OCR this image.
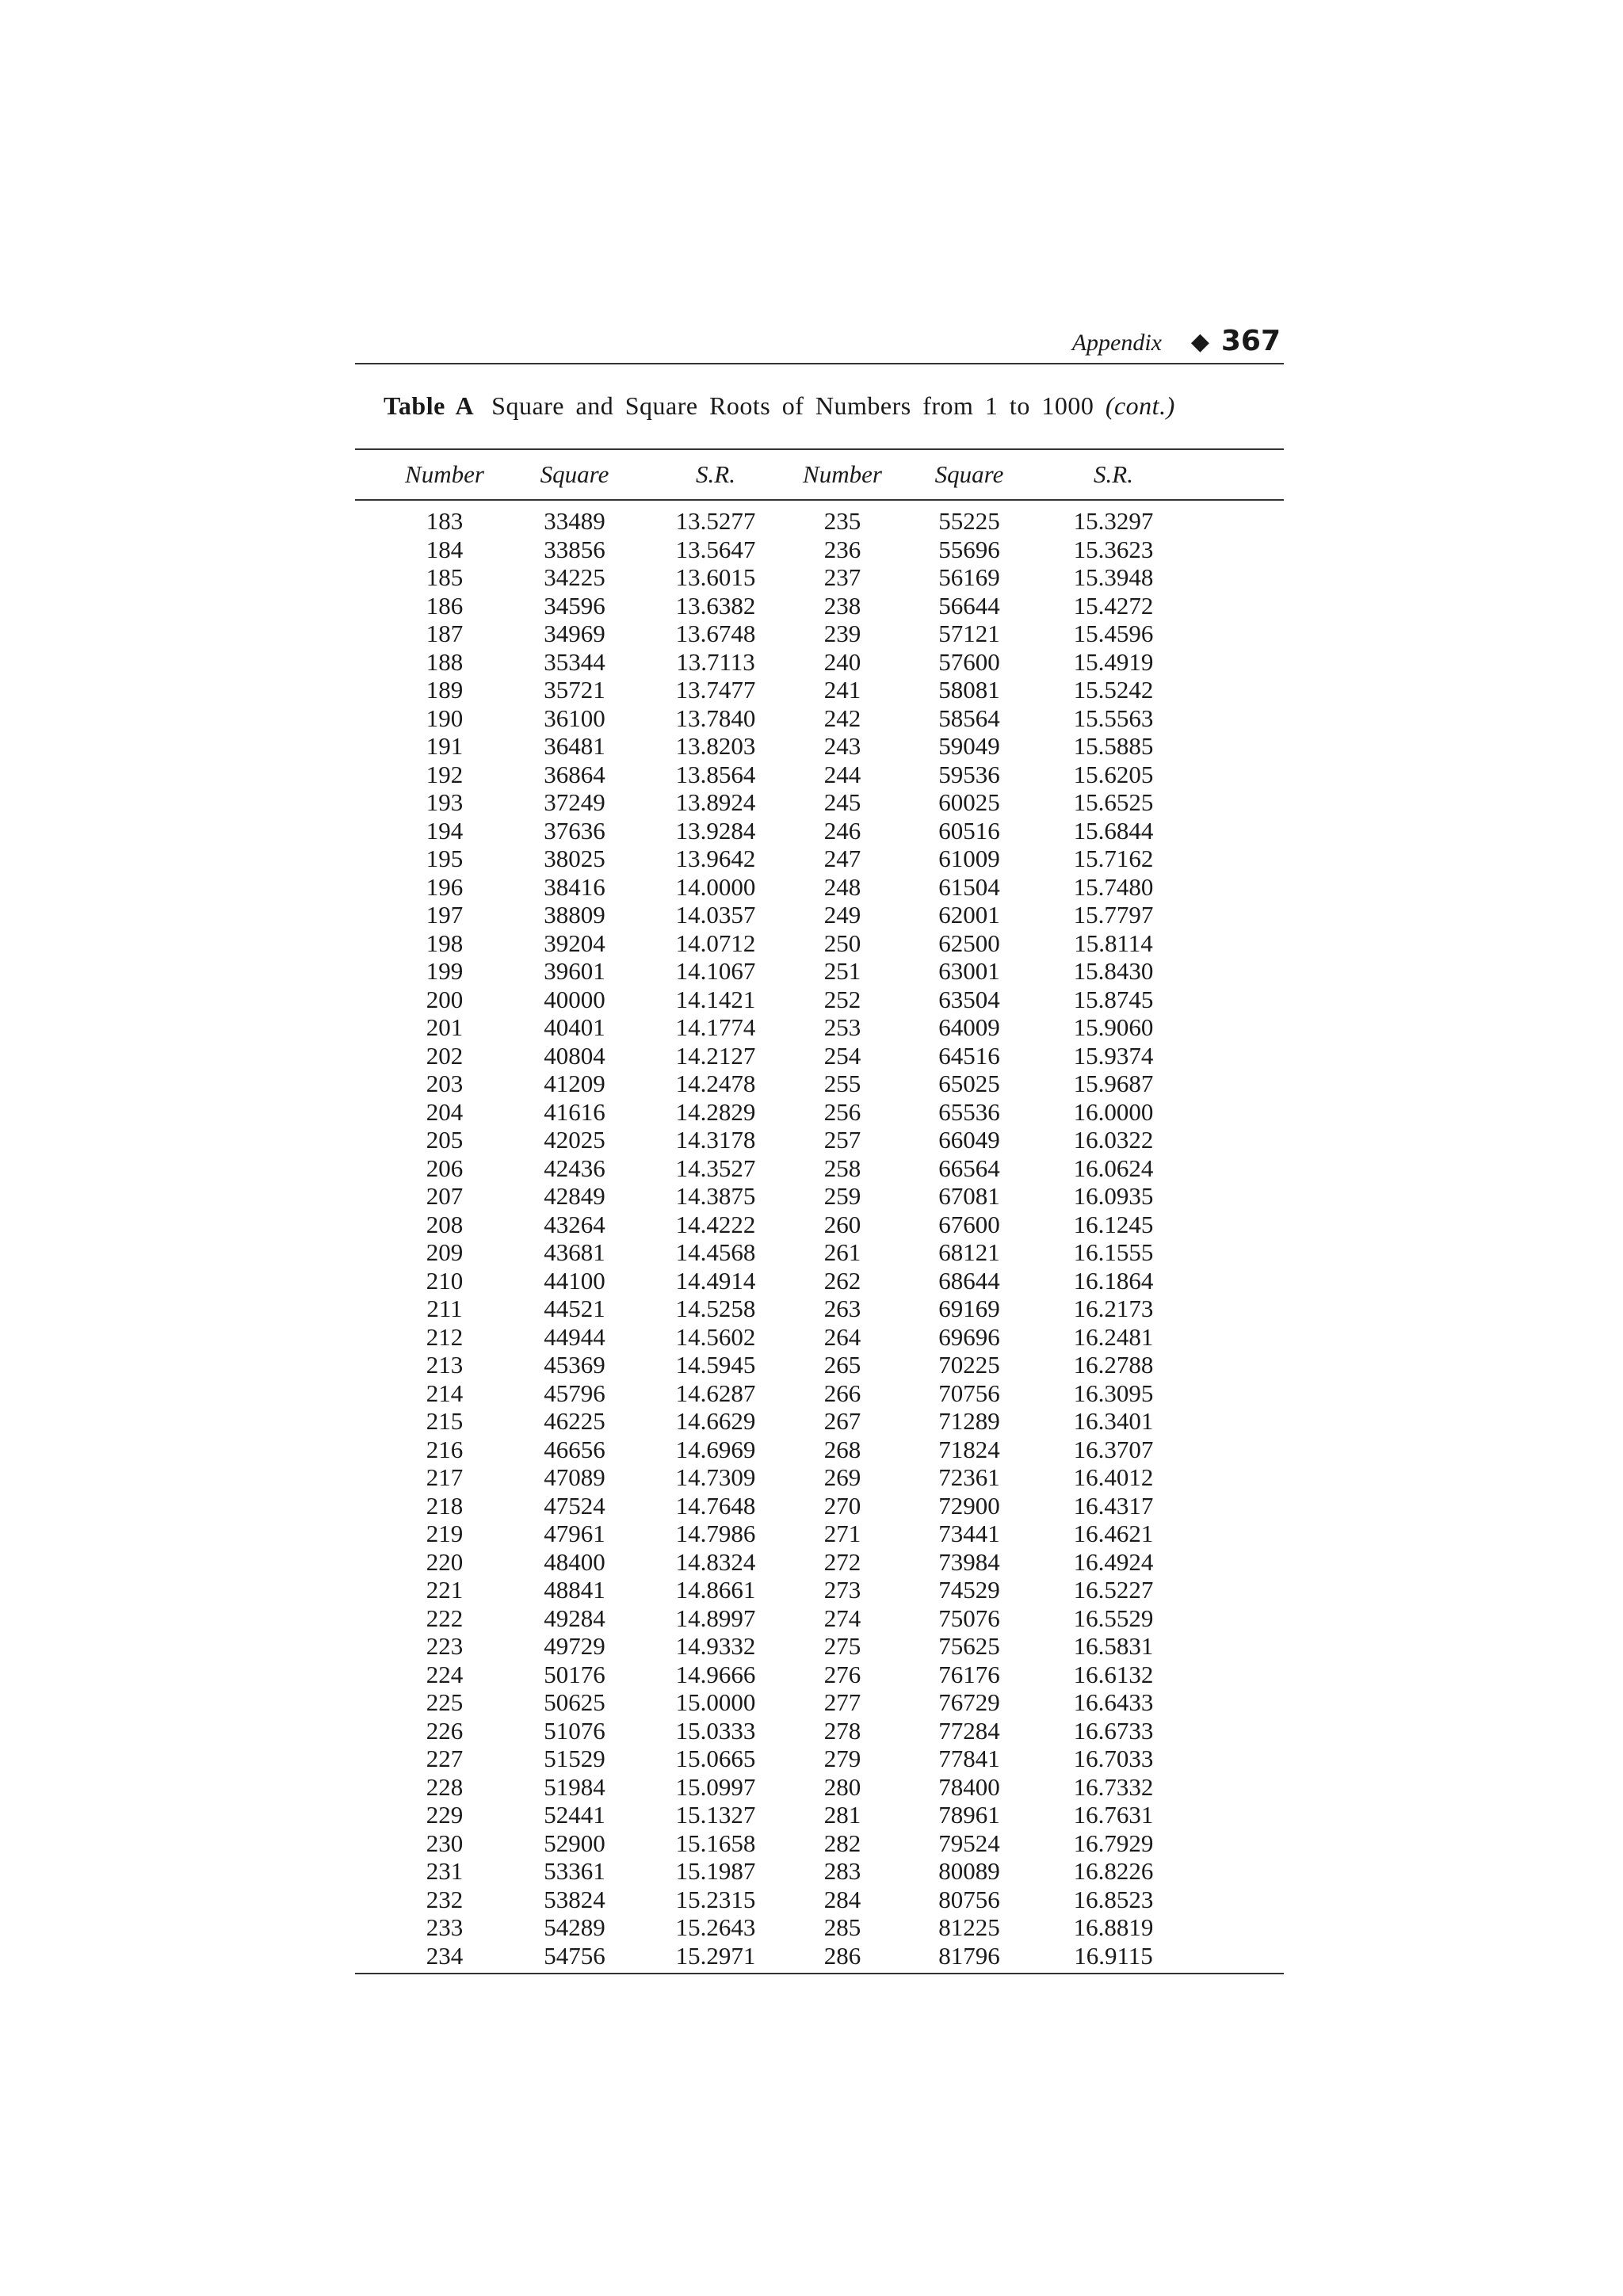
Appendix ◆ 367
Table A Square and Square Roots of Numbers from 1 to 1000 (cont.)
Number	Square	S.R.	Number	Square	S.R.
183	33489	13.5277	235	55225	15.3297
184	33856	13.5647	236	55696	15.3623
185	34225	13.6015	237	56169	15.3948
186	34596	13.6382	238	56644	15.4272
187	34969	13.6748	239	57121	15.4596
188	35344	13.7113	240	57600	15.4919
189	35721	13.7477	241	58081	15.5242
190	36100	13.7840	242	58564	15.5563
191	36481	13.8203	243	59049	15.5885
192	36864	13.8564	244	59536	15.6205
193	37249	13.8924	245	60025	15.6525
194	37636	13.9284	246	60516	15.6844
195	38025	13.9642	247	61009	15.7162
196	38416	14.0000	248	61504	15.7480
197	38809	14.0357	249	62001	15.7797
198	39204	14.0712	250	62500	15.8114
199	39601	14.1067	251	63001	15.8430
200	40000	14.1421	252	63504	15.8745
201	40401	14.1774	253	64009	15.9060
202	40804	14.2127	254	64516	15.9374
203	41209	14.2478	255	65025	15.9687
204	41616	14.2829	256	65536	16.0000
205	42025	14.3178	257	66049	16.0322
206	42436	14.3527	258	66564	16.0624
207	42849	14.3875	259	67081	16.0935
208	43264	14.4222	260	67600	16.1245
209	43681	14.4568	261	68121	16.1555
210	44100	14.4914	262	68644	16.1864
211	44521	14.5258	263	69169	16.2173
212	44944	14.5602	264	69696	16.2481
213	45369	14.5945	265	70225	16.2788
214	45796	14.6287	266	70756	16.3095
215	46225	14.6629	267	71289	16.3401
216	46656	14.6969	268	71824	16.3707
217	47089	14.7309	269	72361	16.4012
218	47524	14.7648	270	72900	16.4317
219	47961	14.7986	271	73441	16.4621
220	48400	14.8324	272	73984	16.4924
221	48841	14.8661	273	74529	16.5227
222	49284	14.8997	274	75076	16.5529
223	49729	14.9332	275	75625	16.5831
224	50176	14.9666	276	76176	16.6132
225	50625	15.0000	277	76729	16.6433
226	51076	15.0333	278	77284	16.6733
227	51529	15.0665	279	77841	16.7033
228	51984	15.0997	280	78400	16.7332
229	52441	15.1327	281	78961	16.7631
230	52900	15.1658	282	79524	16.7929
231	53361	15.1987	283	80089	16.8226
232	53824	15.2315	284	80756	16.8523
233	54289	15.2643	285	81225	16.8819
234	54756	15.2971	286	81796	16.9115
